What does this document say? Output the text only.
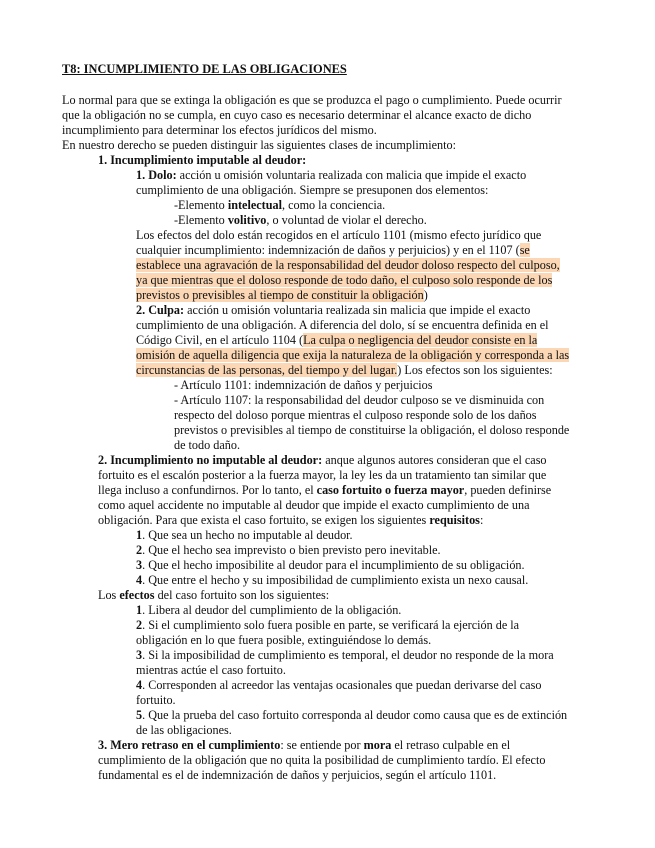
T8: INCUMPLIMIENTO DE LAS OBLIGACIONES
Lo normal para que se extinga la obligación es que se produzca el pago o cumplimiento. Puede ocurrir
que la obligación no se cumpla, en cuyo caso es necesario determinar el alcance exacto de dicho
incumplimiento para determinar los efectos jurídicos del mismo.
En nuestro derecho se pueden distinguir las siguientes clases de incumplimiento:
1. Incumplimiento imputable al deudor:
1. Dolo: acción u omisión voluntaria realizada con malicia que impide el exacto
cumplimiento de una obligación. Siempre se presuponen dos elementos:
-Elemento intelectual, como la conciencia.
-Elemento volitivo, o voluntad de violar el derecho.
Los efectos del dolo están recogidos en el artículo 1101 (mismo efecto jurídico que
cualquier incumplimiento: indemnización de daños y perjuicios) y en el 1107 (se
establece una agravación de la responsabilidad del deudor doloso respecto del culposo,
ya que mientras que el doloso responde de todo daño, el culposo solo responde de los
previstos o previsibles al tiempo de constituir la obligación)
2. Culpa: acción u omisión voluntaria realizada sin malicia que impide el exacto
cumplimiento de una obligación. A diferencia del dolo, sí se encuentra definida en el
Código Civil, en el artículo 1104 (La culpa o negligencia del deudor consiste en la
omisión de aquella diligencia que exija la naturaleza de la obligación y corresponda a las
circunstancias de las personas, del tiempo y del lugar.) Los efectos son los siguientes:
- Artículo 1101: indemnización de daños y perjuicios
- Artículo 1107: la responsabilidad del deudor culposo se ve disminuida con
respecto del doloso porque mientras el culposo responde solo de los daños
previstos o previsibles al tiempo de constituirse la obligación, el doloso responde
de todo daño.
2. Incumplimiento no imputable al deudor: anque algunos autores consideran que el caso
fortuito es el escalón posterior a la fuerza mayor, la ley les da un tratamiento tan similar que
llega incluso a confundirnos. Por lo tanto, el caso fortuito o fuerza mayor, pueden definirse
como aquel accidente no imputable al deudor que impide el exacto cumplimiento de una
obligación. Para que exista el caso fortuito, se exigen los siguientes requisitos:
1. Que sea un hecho no imputable al deudor.
2. Que el hecho sea imprevisto o bien previsto pero inevitable.
3. Que el hecho imposibilite al deudor para el incumplimiento de su obligación.
4. Que entre el hecho y su imposibilidad de cumplimiento exista un nexo causal.
Los efectos del caso fortuito son los siguientes:
1. Libera al deudor del cumplimiento de la obligación.
2. Si el cumplimiento solo fuera posible en parte, se verificará la ejerción de la
obligación en lo que fuera posible, extinguiéndose lo demás.
3. Si la imposibilidad de cumplimiento es temporal, el deudor no responde de la mora
mientras actúe el caso fortuito.
4. Corresponden al acreedor las ventajas ocasionales que puedan derivarse del caso
fortuito.
5. Que la prueba del caso fortuito corresponda al deudor como causa que es de extinción
de las obligaciones.
3. Mero retraso en el cumplimiento: se entiende por mora el retraso culpable en el
cumplimiento de la obligación que no quita la posibilidad de cumplimiento tardío. El efecto
fundamental es el de indemnización de daños y perjuicios, según el artículo 1101.
